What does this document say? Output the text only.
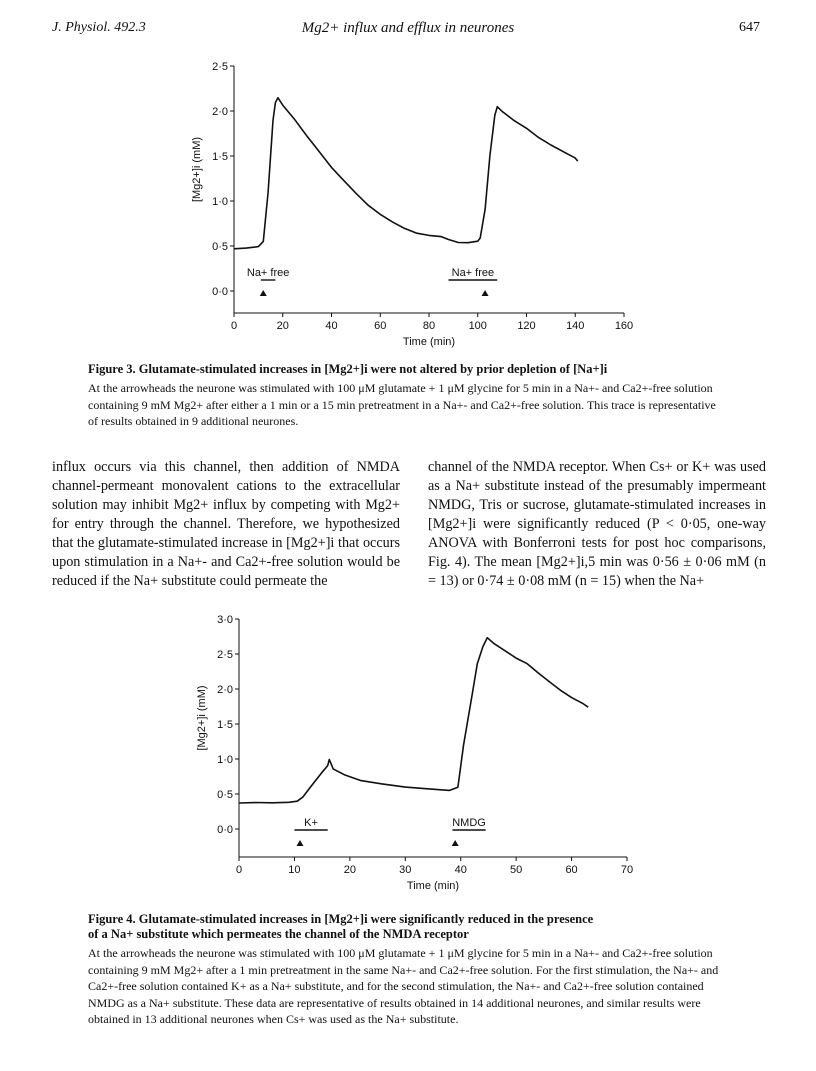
J. Physiol. 492.3	Mg2+ influx and efflux in neurones	647
0	20	40	60	80	100	120	140	160
0·0
0·5
1·0
1·5
2·0
2·5
Time (min)
[Mg2+]i (mM)
Na+ free	Na+ free
Figure 3. Glutamate-stimulated increases in [Mg2+]i were not altered by prior depletion of [Na+]i
At the arrowheads the neurone was stimulated with 100 μM glutamate + 1 μM glycine for 5 min in a Na+- and Ca2+-free solution containing 9 mM Mg2+ after either a 1 min or a 15 min pretreatment in a Na+- and Ca2+-free solution. This trace is representative of results obtained in 9 additional neurones.
influx occurs via this channel, then addition of NMDA channel-permeant monovalent cations to the extracellular solution may inhibit Mg2+ influx by competing with Mg2+ for entry through the channel. Therefore, we hypothesized that the glutamate-stimulated increase in [Mg2+]i that occurs upon stimulation in a Na+- and Ca2+-free solution would be reduced if the Na+ substitute could permeate the
channel of the NMDA receptor. When Cs+ or K+ was used as a Na+ substitute instead of the presumably impermeant NMDG, Tris or sucrose, glutamate-stimulated increases in [Mg2+]i were significantly reduced (P < 0·05, one-way ANOVA with Bonferroni tests for post hoc comparisons, Fig. 4). The mean [Mg2+]i,5 min was 0·56 ± 0·06 mM (n = 13) or 0·74 ± 0·08 mM (n = 15) when the Na+
0	10	20	30	40	50	60	70
0·0
0·5
1·0
1·5
2·0
2·5
3·0
Time (min)
[Mg2+]i (mM)
K+	NMDG
Figure 4. Glutamate-stimulated increases in [Mg2+]i were significantly reduced in the presence
of a Na+ substitute which permeates the channel of the NMDA receptor
At the arrowheads the neurone was stimulated with 100 μM glutamate + 1 μM glycine for 5 min in a Na+- and Ca2+-free solution containing 9 mM Mg2+ after a 1 min pretreatment in the same Na+- and Ca2+-free solution. For the first stimulation, the Na+- and Ca2+-free solution contained K+ as a Na+ substitute, and for the second stimulation, the Na+- and Ca2+-free solution contained NMDG as a Na+ substitute. These data are representative of results obtained in 14 additional neurones, and similar results were obtained in 13 additional neurones when Cs+ was used as the Na+ substitute.
